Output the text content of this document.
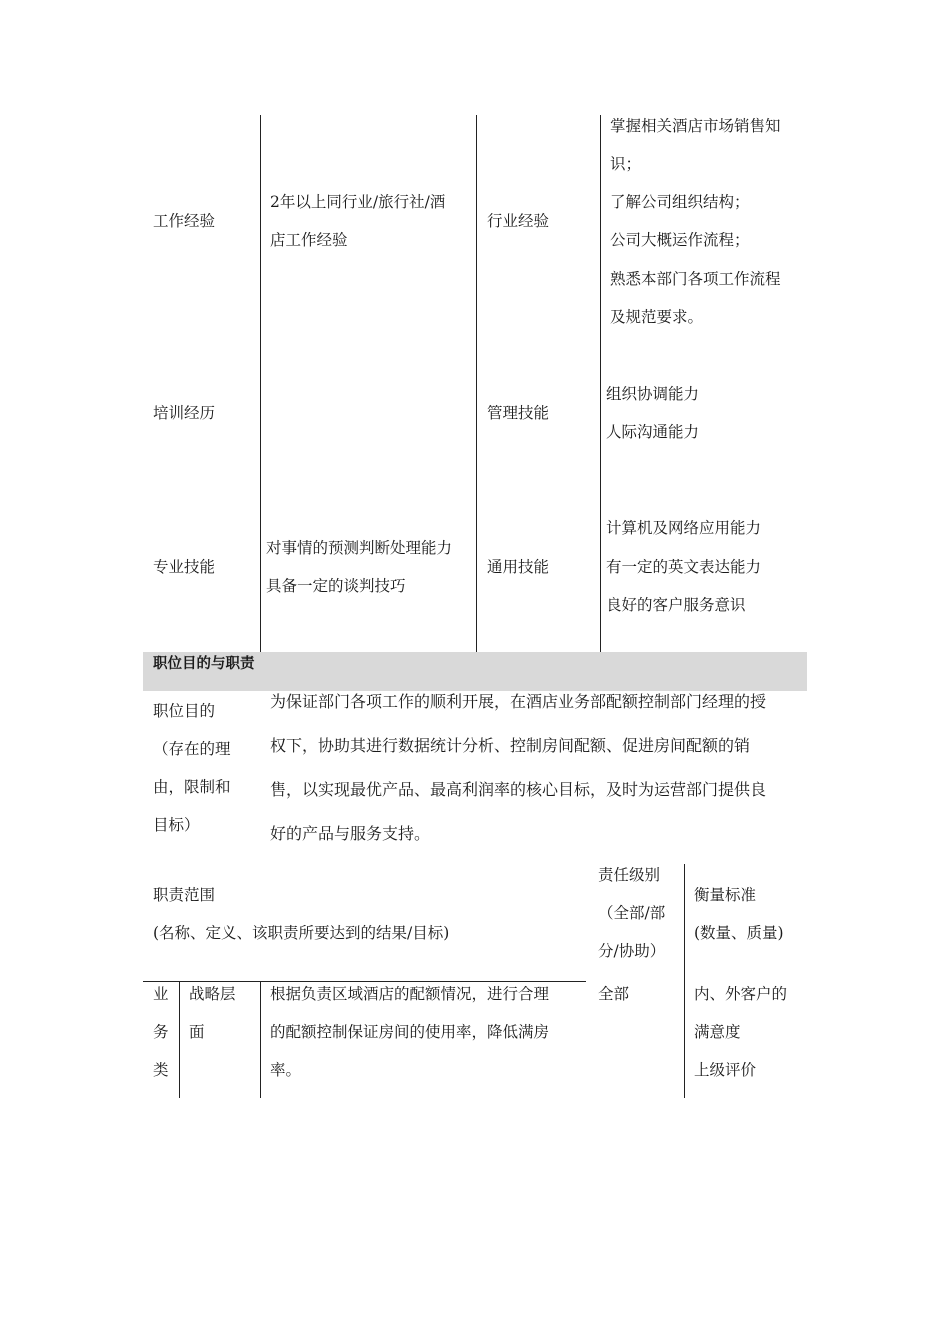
工作经验
2年以上同行业/旅行社/酒
店工作经验
行业经验
掌握相关酒店市场销售知
识；
了解公司组织结构；
公司大概运作流程；
熟悉本部门各项工作流程
及规范要求。
培训经历	管理技能
组织协调能力
人际沟通能力
专业技能
对事情的预测判断处理能力
具备一定的谈判技巧
通用技能
计算机及网络应用能力
有一定的英文表达能力
良好的客户服务意识
职位目的与职责
职位目的
（存在的理
由，限制和
目标）
为保证部门各项工作的顺利开展，在酒店业务部配额控制部门经理的授
权下，协助其进行数据统计分析、控制房间配额、促进房间配额的销
售，以实现最优产品、最高利润率的核心目标，及时为运营部门提供良
好的产品与服务支持。
职责范围
(名称、定义、该职责所要达到的结果/目标)
责任级别
（全部/部
分/协助）
衡量标准
(数量、质量)
业
务
类
战略层
面
根据负责区域酒店的配额情况，进行合理
的配额控制保证房间的使用率，降低满房
率。
全部	内、外客户的
满意度
上级评价
